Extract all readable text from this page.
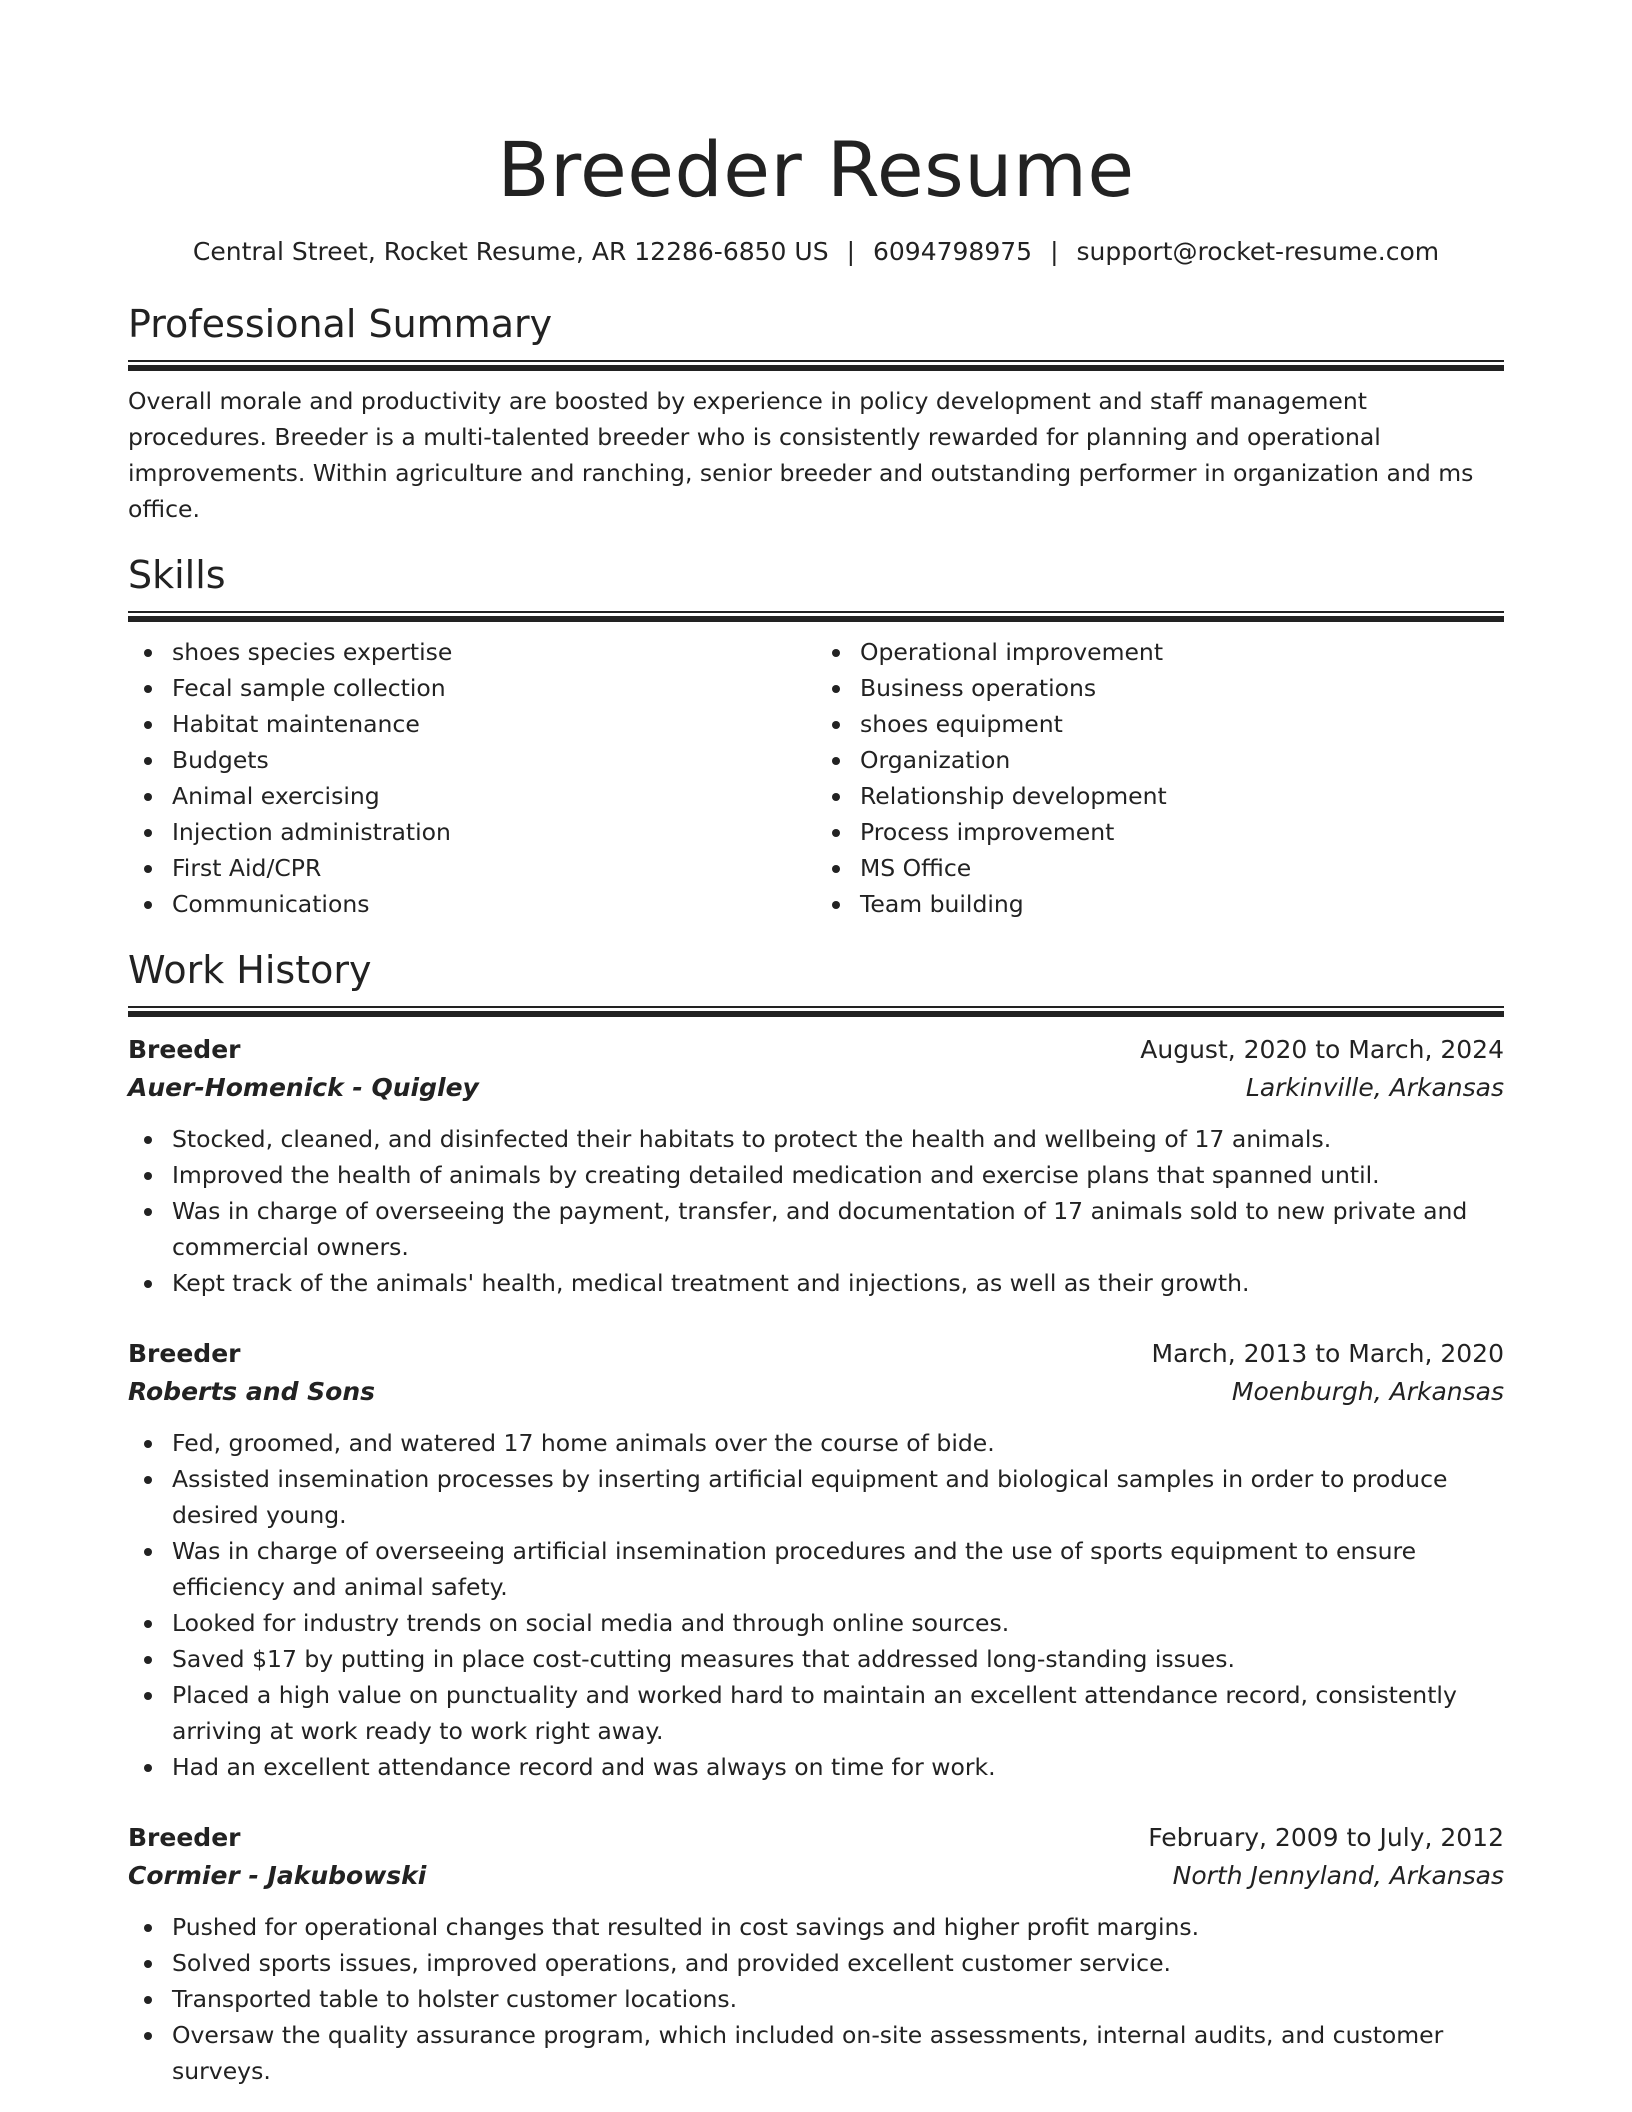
Breeder Resume
Central Street, Rocket Resume, AR 12286-6850 US | 6094798975 | support@rocket-resume.com
Professional Summary

Overall morale and productivity are boosted by experience in policy development and staff management procedures. Breeder is a multi-talented breeder who is consistently rewarded for planning and operational improvements. Within agriculture and ranching, senior breeder and outstanding performer in organization and ms office.

Skills
shoes species expertise
Fecal sample collection
Habitat maintenance
Budgets
Animal exercising
Injection administration
First Aid/CPR
Communications
Operational improvement
Business operations
shoes equipment
Organization
Relationship development
Process improvement
MS Office
Team building
Work History
Breeder	August, 2020 to March, 2024
Auer-Homenick - Quigley	Larkinville, Arkansas
Stocked, cleaned, and disinfected their habitats to protect the health and wellbeing of 17 animals.
Improved the health of animals by creating detailed medication and exercise plans that spanned until.
Was in charge of overseeing the payment, transfer, and documentation of 17 animals sold to new private and commercial owners.
Kept track of the animals' health, medical treatment and injections, as well as their growth.
Breeder	March, 2013 to March, 2020
Roberts and Sons	Moenburgh, Arkansas
Fed, groomed, and watered 17 home animals over the course of bide.
Assisted insemination processes by inserting artificial equipment and biological samples in order to produce desired young.
Was in charge of overseeing artificial insemination procedures and the use of sports equipment to ensure efficiency and animal safety.
Looked for industry trends on social media and through online sources.
Saved $17 by putting in place cost-cutting measures that addressed long-standing issues.
Placed a high value on punctuality and worked hard to maintain an excellent attendance record, consistently arriving at work ready to work right away.
Had an excellent attendance record and was always on time for work.
Breeder	February, 2009 to July, 2012
Cormier - Jakubowski	North Jennyland, Arkansas
Pushed for operational changes that resulted in cost savings and higher profit margins.
Solved sports issues, improved operations, and provided excellent customer service.
Transported table to holster customer locations.
Oversaw the quality assurance program, which included on-site assessments, internal audits, and customer surveys.
